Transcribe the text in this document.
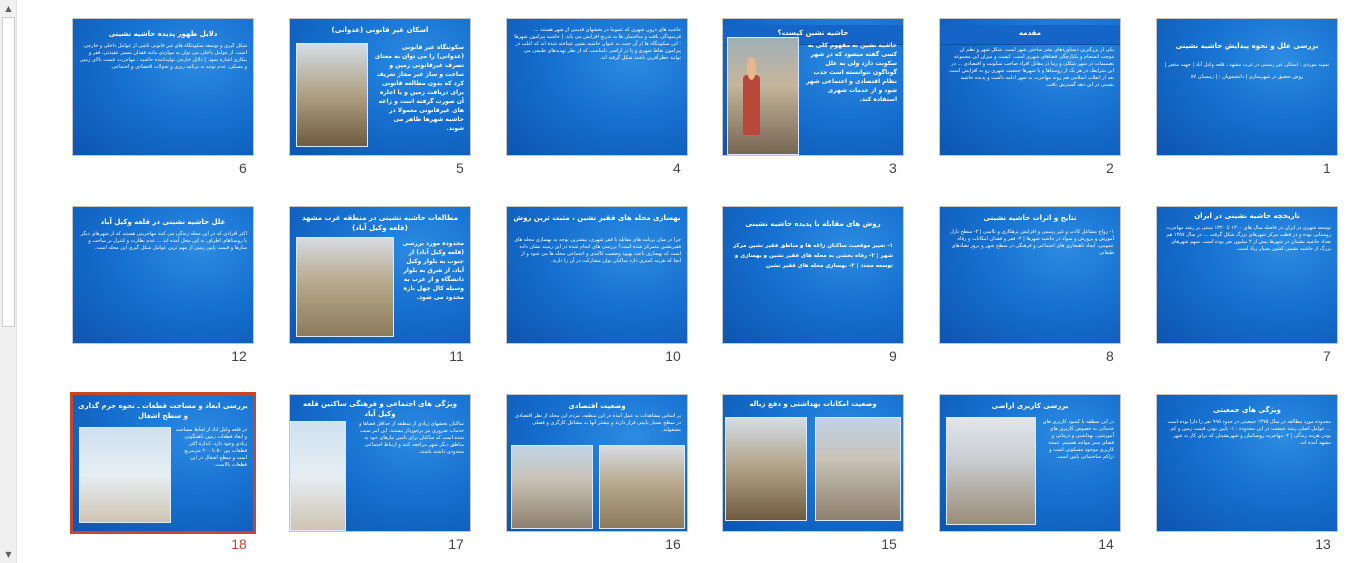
▲
▼
بررسی علل و نحوه پیدایش حاشیه نشینی
نمونه موردی : اسکان غیر رسمی در غرب مشهد ـ قلعه وکیل آباد | جهت متغیر | روش تحقیق در شهرسازی | دانشجویان : | زمستان ۸۷
1
مقدمه
یکی از بزرگترین دستاوردهای بشر ساختن شهر است. شکل شهر و نظم آن موجب انسجام و یکپارچگی فضاهای شهری است. کیفیت و میزان این مجموعه تصمیمات در شهر شکلی و زیبا در مقابل افراد صاحب سکونت و اقتصادی ... در این شرایط، در هر یک از روستاها و یا شهرها جمعیت شهری رو به افزایش است. بعد از انقلاب اسلامی هم روند مهاجرت به شهر ادامه داشت و پدیده حاشیه نشینی در این دهه گسترش یافت.
2
حاشیه نشین کیست؟
حاشیه نشین به مفهوم کلی به کسی گفته میشود که در شهر سکونت دارد ولی به علل گوناگون نتوانسته است جذب نظام اقتصادی و اجتماعی شهر شود و از خدمات شهری استفاده کند.
3
حاشیه های درون شهری که عموما در بخشهای قدیمی از شهر هستند ... فرسودگی بافت و ساختمان ها به تدریج افزایش می یابد. | حاشیه پیرامون شهرها : این سکونتگاه ها از آن حیث به عنوان حاشیه نشین شناخته شده اند که اغلب در پیرامون نقاط شهری و یا در اراضی نامناسب که از نظر تهدیدهای طبیعی می توانند خطرآفرین باشند شکل گرفته اند.
4
اسکان غیر قانونی (عدوانی)
سکونتگاه غیر قانونی (عدوانی) را می توان به معنای تصرف غیرقانونی زمین و ساخت و ساز غیر مجاز تعریف کرد که بدون مطالعه قانونی برای دریافت زمین و یا اجاره آن صورت گرفته است و زاغه های غیرقانونی معمولا در حاشیه شهرها ظاهر می شوند.
5
دلایل ظهور پدیده حاشیه نشینی
شکل گیری و توسعه سکونتگاه های غیر قانونی ناشی از عوامل داخلی و خارجی است. از عوامل داخلی می توان به مواردی مانند فقدان مسیر عقیدتی، فقر و بیکاری اشاره نمود. | دلایل خارجی تولیدکننده حاشیه : مهاجرت، قیمت بالای زمین و مسکن، عدم توجه به برنامه ریزی و تحولات اقتصادی و اجتماعی.
6
تاریخچه حاشیه نشینی در ایران
توسعه شهری در ایران در فاصله سال های ۱۳۰۰ تا ۱۳۲۰ مبتنی بر رشد مهاجرت روستایی بوده و در قطب مرکز شهرهای بزرگ شکل گرفت ... در سال ۱۳۵۷ هم تعداد حاشیه نشینان در شهرها بیش از ۲ میلیون نفر بوده است. سهم شهرهای بزرگ از حاشیه نشینی کشور بسیار زیاد است.
7
نتایج و اثرات حاشیه نشینی
۱- رواج مشاغل کاذب و غیر رسمی و افزایش بزهکاری و ناامنی | ۲- سطح نازل آموزش و پرورش و سواد در حاشیه شهرها | ۳- فقر و فقدان امکانات و رفاه عمومی، ایجاد ناهنجاری های اجتماعی و فرهنگی در سطح شهر و بروز تضادهای طبقاتی
8
روش های مقابله با پدیده حاشیه نشینی
۱- تغییر موقعیت ساکنان زاغه ها و مناطق فقیر نشین مرکز شهر | ۲- رفاه بخشی به محله های فقیر نشین و بهسازی و توسعه مجدد | ۳- بهسازی محله های فقیر نشین
9
بهسازی محله های فقیر نشین ، مثبت ترین روش
چرا در میان برنامه های مقابله با فقر شهری، بیشترین توجه به بهسازی محله های فقیرنشین متمرکز شده است؟ بررسی های انجام شده در این زمینه نشان داده است که بهسازی باعث بهبود وضعیت کالبدی و اجتماعی محله ها می شود و از آنجا که هزینه کمتری دارد ساکنان توان مشارکت در آن را دارند.
10
مطالعات حاشیه نشینی در منطقه غرب مشهد (قلعه وکیل آباد)
محدوده مورد بررسی (قلعه وکیل آباد) از جنوب به بلوار وکیل آباد، از شرق به بلوار دانشگاه و از غرب به وسیله کال چهل بازه محدود می شود.
11
علل حاشیه نشینی در قلعه وکیل آباد
اکثر افرادی که در این محله زندگی می کنند مهاجرینی هستند که از شهرهای دیگر یا روستاهای اطراف به این محل آمده اند ... عدم نظارت و کنترل بر ساخت و سازها و قیمت پایین زمین از مهم ترین عوامل شکل گیری این محله است.
12
ویژگی های جمعیتی
محدوده مورد مطالعه در سال ۱۳۷۵ جمعیتی در حدود ۹۹۵ نفر را دارا بوده است ... عوامل اصلی رشد جمعیت در این محدوده : ۱- پایین بودن قیمت زمین و کم بودن هزینه زندگی | ۲- مهاجرت روستاییان و شهرنشینان که برای کار به شهر مشهد آمده اند.
13
بررسی کاربری اراضی
در این منطقه با کمبود کاربری های خدماتی به خصوص کاربری های آموزشی، بهداشتی و درمانی و فضای سبز مواجه هستیم. عمده کاربری موجود مسکونی است و تراکم ساختمانی پایین است.
14
وضعیت امکانات بهداشتی و دفع زباله
15
وضعیت اقتصادی
بر اساس مشاهدات به عمل آمده در این منطقه، مردم این محله از نظر اقتصادی در سطح بسیار پایینی قرار دارند و بیشتر آنها به مشاغل کارگری و فصلی مشغولند.
16
ویژگی های اجتماعی و فرهنگی ساکنین قلعه وکیل آباد
ساکنان بخشهای زیادی از منطقه از حداقل فضاها و خدمات ضروری نیز برخوردار نیستند. این امر سبب شده است که ساکنان برای تامین نیازهای خود به مناطق دیگر شهر مراجعه کنند و ارتباط اجتماعی محدودی داشته باشند.
17
بررسی ابعاد و مساحت قطعات ـ نحوه جرم گذاری و سطح اشغال
در قلعه وکیل آباد از لحاظ مساحت و ابعاد قطعات زمین ناهمگونی زیادی وجود دارد. اندازه اکثر قطعات بین ۵۰ تا ۲۰۰ مترمربع است و سطح اشغال در این قطعات بالاست.
18
